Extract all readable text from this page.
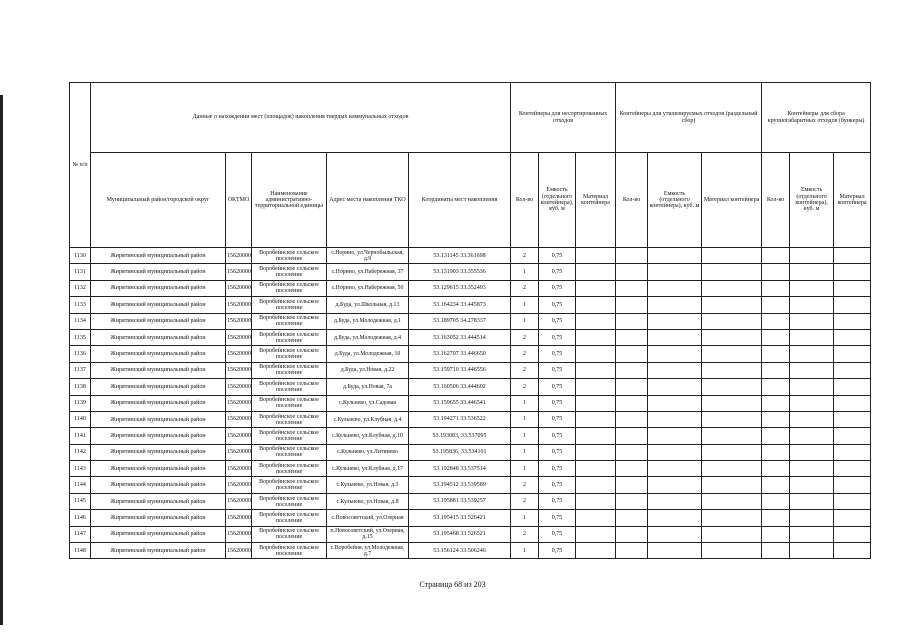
№ п/п	Данные о нахождении мест (площадок) накопления твердых коммунальных отходов					Контейнеры для несортированных отходов			Контейнеры для утилизируемых отходов (раздельный сбор)			Контейнеры для сбора крупногабаритных отходов (бункеры)		
	Муниципальный район/городской округ	ОКТМО	Наименование административно-территориальной единицы	Адрес места накопления ТКО	Координаты мест накопления	Кол-во	Емкость (отдельного контейнера), куб. м	Материал контейнера	Кол-во	Емкость (отдельного контейнера), куб. м	Материал контейнера	Кол-во	Емкость (отдельного контейнера), куб. м	Материал контейнера
1130	Жирятинский муниципальный район	15620000	Воробейнское сельское поселение	с.Норино, ул.Чернобыльская, д.9	53.131145 33.361698	2	0,75							
1131	Жирятинский муниципальный район	15620000	Воробейнское сельское поселение	с.Норино, ул.Набережная, 37	53.131903 33.355536	1	0,75							
1132	Жирятинский муниципальный район	15620000	Воробейнское сельское поселение	с.Норино, ул.Набережная, 50	53.129615 33.352493	2	0,75							
1133	Жирятинский муниципальный район	15620000	Воробейнское сельское поселение	д.Буда, ул.Школьная, д.13	53.164234 33.445873	1	0,75							
1134	Жирятинский муниципальный район	15620000	Воробейнское сельское поселение	д.Буда, ул.Молодежная, д.1	53.189705 34.278337	1	0,75							
1135	Жирятинский муниципальный район	15620000	Воробейнское сельское поселение	д.Буда, ул.Молодежная, д.4	53.163052 33.444514	2	0,75							
1136	Жирятинский муниципальный район	15620000	Воробейнское сельское поселение	д.Буда, ул.Молодежная, 10	53.162707 33.446650	2	0,75							
1137	Жирятинский муниципальный район	15620000	Воробейнское сельское поселение	д.Буда, ул.Новая, д.22	53.159710 33.446556	2	0,75							
1138	Жирятинский муниципальный район	15620000	Воробейнское сельское поселение	д.Буда, ул.Новая, 7а	53.160506 33.444602	2	0,75							
1139	Жирятинский муниципальный район	15620000	Воробейнское сельское поселение	с.Кульнево, ул.Садовая	53.159655 33.446541	1	0,75							
1140	Жирятинский муниципальный район	15620000	Воробейнское сельское поселение	с.Кульнево, ул.Клубная, д.4	53.194271 33.536522	1	0,75							
1141	Жирятинский муниципальный район	15620000	Воробейнское сельское поселение	с.Кульнево, ул.Клубная, д.10	53.193083, 33.537095	1	0,75							
1142	Жирятинский муниципальный район	15620000	Воробейнское сельское поселение	с.Кульнево, ул.Литинево	53.195836, 33.534101	1	0,75							
1143	Жирятинский муниципальный район	15620000	Воробейнское сельское поселение	с.Кульнево, ул.Клубная, д.17	53.192848 33.537514	1	0,75							
1144	Жирятинский муниципальный район	15620000	Воробейнское сельское поселение	с.Кульнево, ул.Новая, д.3	53.194512 33.539589	2	0,75							
1145	Жирятинский муниципальный район	15620000	Воробейнское сельское поселение	с.Кульнево, ул.Новая, д.8	53.195881 33.539257	2	0,75							
1146	Жирятинский муниципальный район	15620000	Воробейнское сельское поселение	с.Новосоветский, ул.Озерная	53.195415 33.526421	1	0,75							
1147	Жирятинский муниципальный район	15620000	Воробейнское сельское поселение	п.Новосоветский, ул.Озерная, д.15	53.195468 33.526521	2	0,75							
1148	Жирятинский муниципальный район	15620000	Воробейнское сельское поселение	с.Воробейня, ул.Молодежная, д.7	53.156124 33.506246	1	0,75							
Страница 68 из 203
